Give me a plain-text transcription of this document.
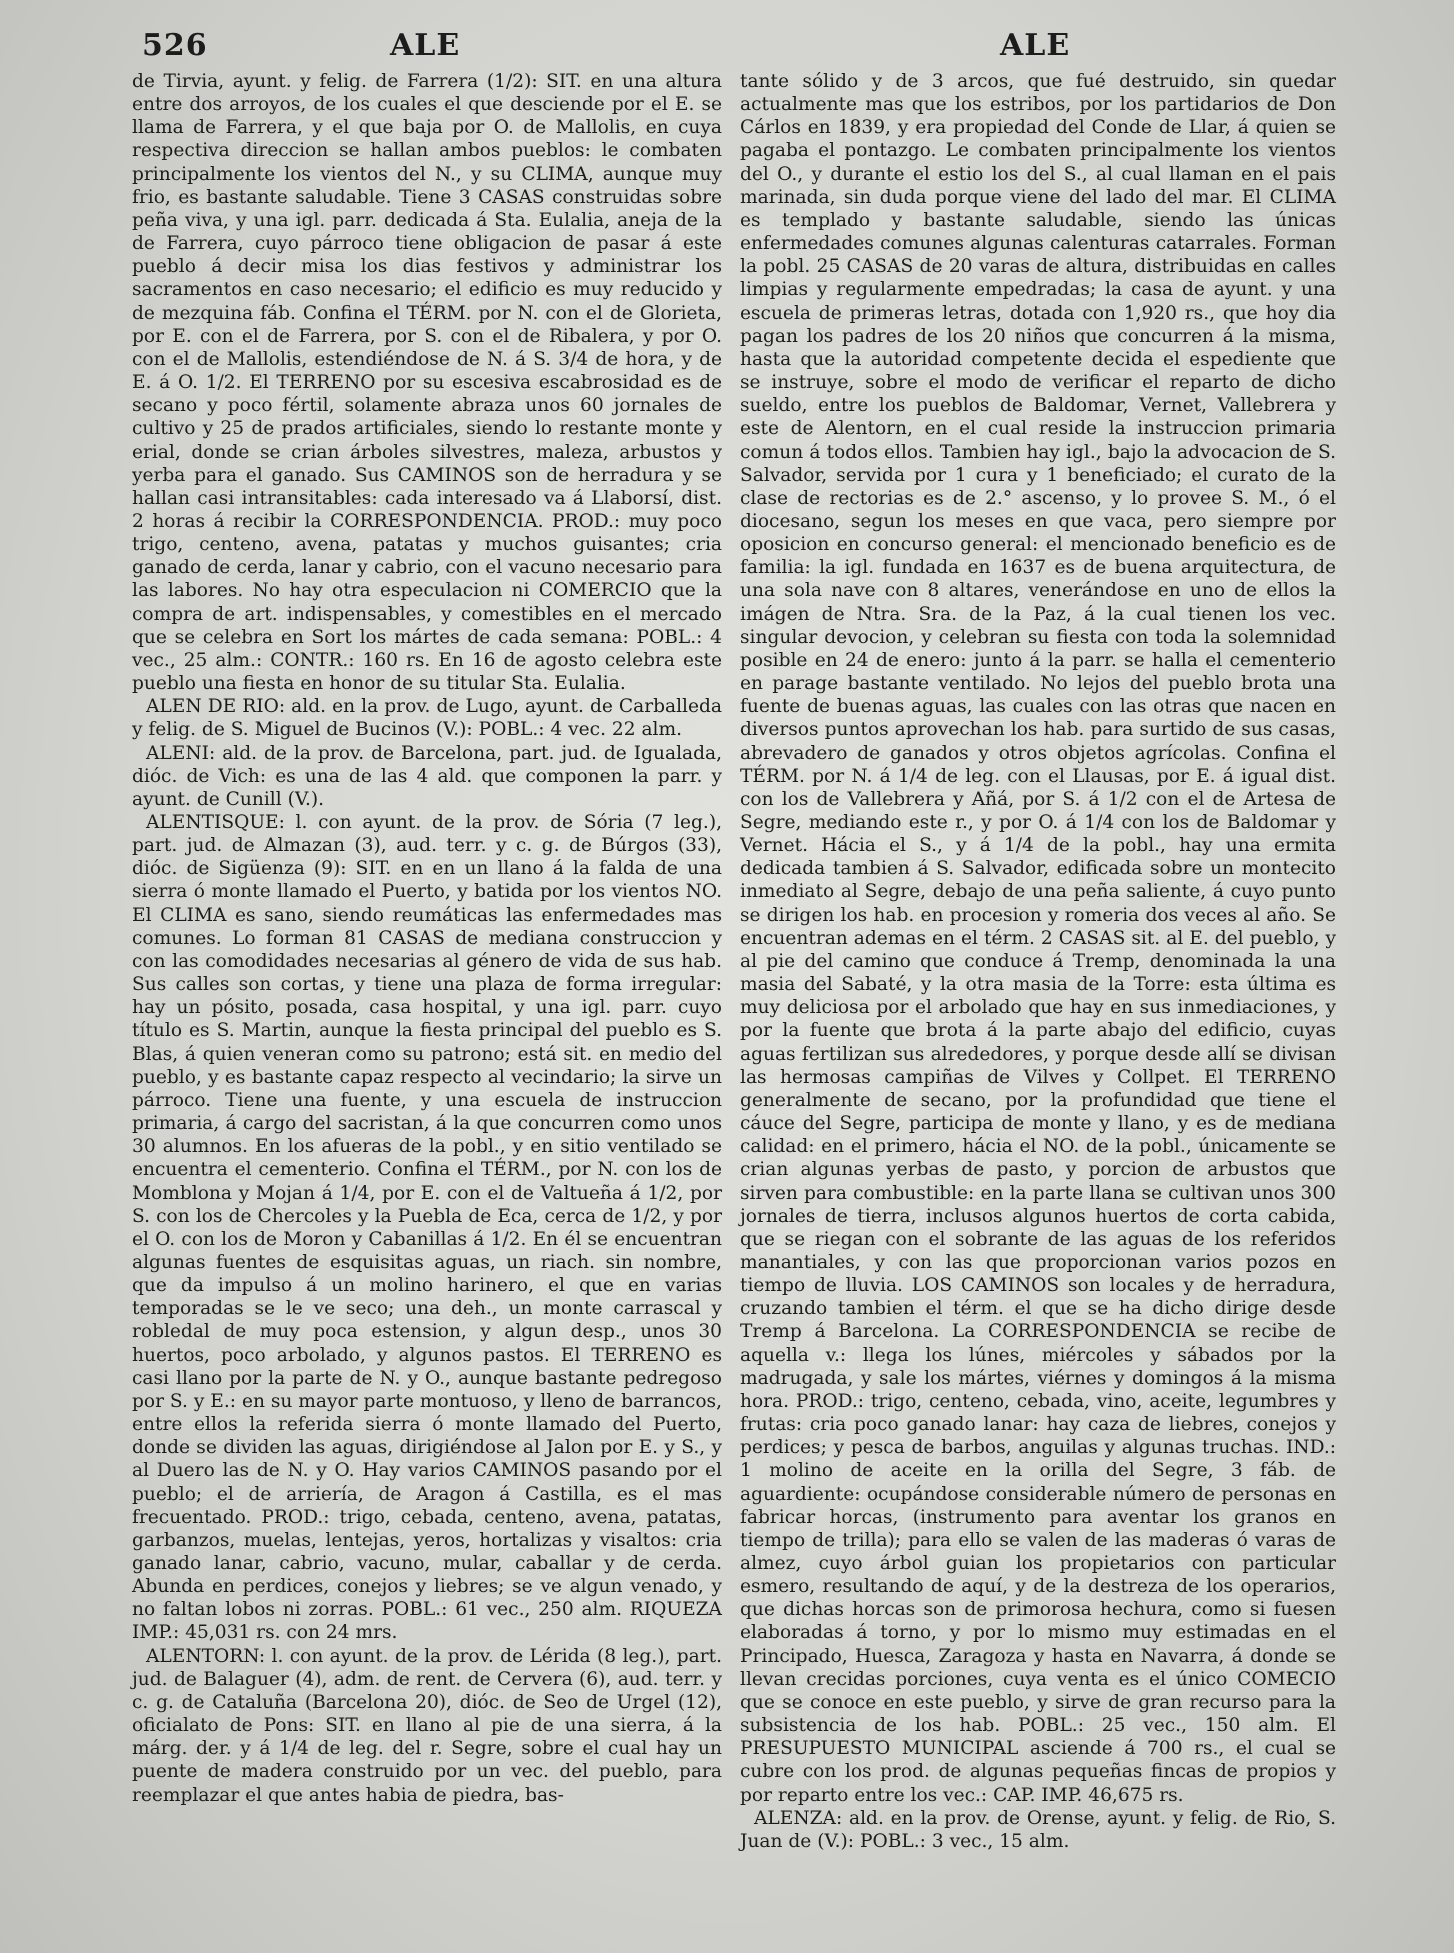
526	ALE	ALE

de Tirvia, ayunt. y felig. de Farrera (1/2): SIT. en una altura entre dos arroyos, de los cuales el que desciende por el E. se llama de Farrera, y el que baja por O. de Mallolis, en cuya respectiva direccion se hallan ambos pueblos: le combaten principalmente los vientos del N., y su CLIMA, aunque muy frio, es bastante saludable. Tiene 3 CASAS construidas sobre peña viva, y una igl. parr. dedicada á Sta. Eulalia, aneja de la de Farrera, cuyo párroco tiene obligacion de pasar á este pueblo á decir misa los dias festivos y administrar los sacramentos en caso necesario; el edificio es muy reducido y de mezquina fáb. Confina el TÉRM. por N. con el de Glorieta, por E. con el de Farrera, por S. con el de Ribalera, y por O. con el de Mallolis, estendiéndose de N. á S. 3/4 de hora, y de E. á O. 1/2. El TERRENO por su escesiva escabrosidad es de secano y poco fértil, solamente abraza unos 60 jornales de cultivo y 25 de prados artificiales, siendo lo restante monte y erial, donde se crian árboles silvestres, maleza, arbustos y yerba para el ganado. Sus CAMINOS son de herradura y se hallan casi intransitables: cada interesado va á Llaborsí, dist. 2 horas á recibir la CORRESPONDENCIA. PROD.: muy poco trigo, centeno, avena, patatas y muchos guisantes; cria ganado de cerda, lanar y cabrio, con el vacuno necesario para las labores. No hay otra especulacion ni COMERCIO que la compra de art. indispensables, y comestibles en el mercado que se celebra en Sort los mártes de cada semana: POBL.: 4 vec., 25 alm.: CONTR.: 160 rs. En 16 de agosto celebra este pueblo una fiesta en honor de su titular Sta. Eulalia.

ALEN DE RIO: ald. en la prov. de Lugo, ayunt. de Carballeda y felig. de S. Miguel de Bucinos (V.): POBL.: 4 vec. 22 alm.

ALENI: ald. de la prov. de Barcelona, part. jud. de Igualada, dióc. de Vich: es una de las 4 ald. que componen la parr. y ayunt. de Cunill (V.).

ALENTISQUE: l. con ayunt. de la prov. de Sória (7 leg.), part. jud. de Almazan (3), aud. terr. y c. g. de Búrgos (33), dióc. de Sigüenza (9): SIT. en en un llano á la falda de una sierra ó monte llamado el Puerto, y batida por los vientos NO. El CLIMA es sano, siendo reumáticas las enfermedades mas comunes. Lo forman 81 CASAS de mediana construccion y con las comodidades necesarias al género de vida de sus hab. Sus calles son cortas, y tiene una plaza de forma irregular: hay un pósito, posada, casa hospital, y una igl. parr. cuyo título es S. Martin, aunque la fiesta principal del pueblo es S. Blas, á quien veneran como su patrono; está sit. en medio del pueblo, y es bastante capaz respecto al vecindario; la sirve un párroco. Tiene una fuente, y una escuela de instruccion primaria, á cargo del sacristan, á la que concurren como unos 30 alumnos. En los afueras de la pobl., y en sitio ventilado se encuentra el cementerio. Confina el TÉRM., por N. con los de Momblona y Mojan á 1/4, por E. con el de Valtueña á 1/2, por S. con los de Chercoles y la Puebla de Eca, cerca de 1/2, y por el O. con los de Moron y Cabanillas á 1/2. En él se encuentran algunas fuentes de esquisitas aguas, un riach. sin nombre, que da impulso á un molino harinero, el que en varias temporadas se le ve seco; una deh., un monte carrascal y robledal de muy poca estension, y algun desp., unos 30 huertos, poco arbolado, y algunos pastos. El TERRENO es casi llano por la parte de N. y O., aunque bastante pedregoso por S. y E.: en su mayor parte montuoso, y lleno de barrancos, entre ellos la referida sierra ó monte llamado del Puerto, donde se dividen las aguas, dirigiéndose al Jalon por E. y S., y al Duero las de N. y O. Hay varios CAMINOS pasando por el pueblo; el de arriería, de Aragon á Castilla, es el mas frecuentado. PROD.: trigo, cebada, centeno, avena, patatas, garbanzos, muelas, lentejas, yeros, hortalizas y visaltos: cria ganado lanar, cabrio, vacuno, mular, caballar y de cerda. Abunda en perdices, conejos y liebres; se ve algun venado, y no faltan lobos ni zorras. POBL.: 61 vec., 250 alm. RIQUEZA IMP.: 45,031 rs. con 24 mrs.

ALENTORN: l. con ayunt. de la prov. de Lérida (8 leg.), part. jud. de Balaguer (4), adm. de rent. de Cervera (6), aud. terr. y c. g. de Cataluña (Barcelona 20), dióc. de Seo de Urgel (12), oficialato de Pons: SIT. en llano al pie de una sierra, á la márg. der. y á 1/4 de leg. del r. Segre, sobre el cual hay un puente de madera construido por un vec. del pueblo, para reemplazar el que antes habia de piedra, bas-

tante sólido y de 3 arcos, que fué destruido, sin quedar actualmente mas que los estribos, por los partidarios de Don Cárlos en 1839, y era propiedad del Conde de Llar, á quien se pagaba el pontazgo. Le combaten principalmente los vientos del O., y durante el estio los del S., al cual llaman en el pais marinada, sin duda porque viene del lado del mar. El CLIMA es templado y bastante saludable, siendo las únicas enfermedades comunes algunas calenturas catarrales. Forman la pobl. 25 CASAS de 20 varas de altura, distribuidas en calles limpias y regularmente empedradas; la casa de ayunt. y una escuela de primeras letras, dotada con 1,920 rs., que hoy dia pagan los padres de los 20 niños que concurren á la misma, hasta que la autoridad competente decida el espediente que se instruye, sobre el modo de verificar el reparto de dicho sueldo, entre los pueblos de Baldomar, Vernet, Vallebrera y este de Alentorn, en el cual reside la instruccion primaria comun á todos ellos. Tambien hay igl., bajo la advocacion de S. Salvador, servida por 1 cura y 1 beneficiado; el curato de la clase de rectorias es de 2.° ascenso, y lo provee S. M., ó el diocesano, segun los meses en que vaca, pero siempre por oposicion en concurso general: el mencionado beneficio es de familia: la igl. fundada en 1637 es de buena arquitectura, de una sola nave con 8 altares, venerándose en uno de ellos la imágen de Ntra. Sra. de la Paz, á la cual tienen los vec. singular devocion, y celebran su fiesta con toda la solemnidad posible en 24 de enero: junto á la parr. se halla el cementerio en parage bastante ventilado. No lejos del pueblo brota una fuente de buenas aguas, las cuales con las otras que nacen en diversos puntos aprovechan los hab. para surtido de sus casas, abrevadero de ganados y otros objetos agrícolas. Confina el TÉRM. por N. á 1/4 de leg. con el Llausas, por E. á igual dist. con los de Vallebrera y Añá, por S. á 1/2 con el de Artesa de Segre, mediando este r., y por O. á 1/4 con los de Baldomar y Vernet. Hácia el S., y á 1/4 de la pobl., hay una ermita dedicada tambien á S. Salvador, edificada sobre un montecito inmediato al Segre, debajo de una peña saliente, á cuyo punto se dirigen los hab. en procesion y romeria dos veces al año. Se encuentran ademas en el térm. 2 CASAS sit. al E. del pueblo, y al pie del camino que conduce á Tremp, denominada la una masia del Sabaté, y la otra masia de la Torre: esta última es muy deliciosa por el arbolado que hay en sus inmediaciones, y por la fuente que brota á la parte abajo del edificio, cuyas aguas fertilizan sus alrededores, y porque desde allí se divisan las hermosas campiñas de Vilves y Collpet. El TERRENO generalmente de secano, por la profundidad que tiene el cáuce del Segre, participa de monte y llano, y es de mediana calidad: en el primero, hácia el NO. de la pobl., únicamente se crian algunas yerbas de pasto, y porcion de arbustos que sirven para combustible: en la parte llana se cultivan unos 300 jornales de tierra, inclusos algunos huertos de corta cabida, que se riegan con el sobrante de las aguas de los referidos manantiales, y con las que proporcionan varios pozos en tiempo de lluvia. LOS CAMINOS son locales y de herradura, cruzando tambien el térm. el que se ha dicho dirige desde Tremp á Barcelona. La CORRESPONDENCIA se recibe de aquella v.: llega los lúnes, miércoles y sábados por la madrugada, y sale los mártes, viérnes y domingos á la misma hora. PROD.: trigo, centeno, cebada, vino, aceite, legumbres y frutas: cria poco ganado lanar: hay caza de liebres, conejos y perdices; y pesca de barbos, anguilas y algunas truchas. IND.: 1 molino de aceite en la orilla del Segre, 3 fáb. de aguardiente: ocupándose considerable número de personas en fabricar horcas, (instrumento para aventar los granos en tiempo de trilla); para ello se valen de las maderas ó varas de almez, cuyo árbol guian los propietarios con particular esmero, resultando de aquí, y de la destreza de los operarios, que dichas horcas son de primorosa hechura, como si fuesen elaboradas á torno, y por lo mismo muy estimadas en el Principado, Huesca, Zaragoza y hasta en Navarra, á donde se llevan crecidas porciones, cuya venta es el único COMECIO que se conoce en este pueblo, y sirve de gran recurso para la subsistencia de los hab. POBL.: 25 vec., 150 alm. El PRESUPUESTO MUNICIPAL asciende á 700 rs., el cual se cubre con los prod. de algunas pequeñas fincas de propios y por reparto entre los vec.: CAP. IMP. 46,675 rs.

ALENZA: ald. en la prov. de Orense, ayunt. y felig. de Rio, S. Juan de (V.): POBL.: 3 vec., 15 alm.
